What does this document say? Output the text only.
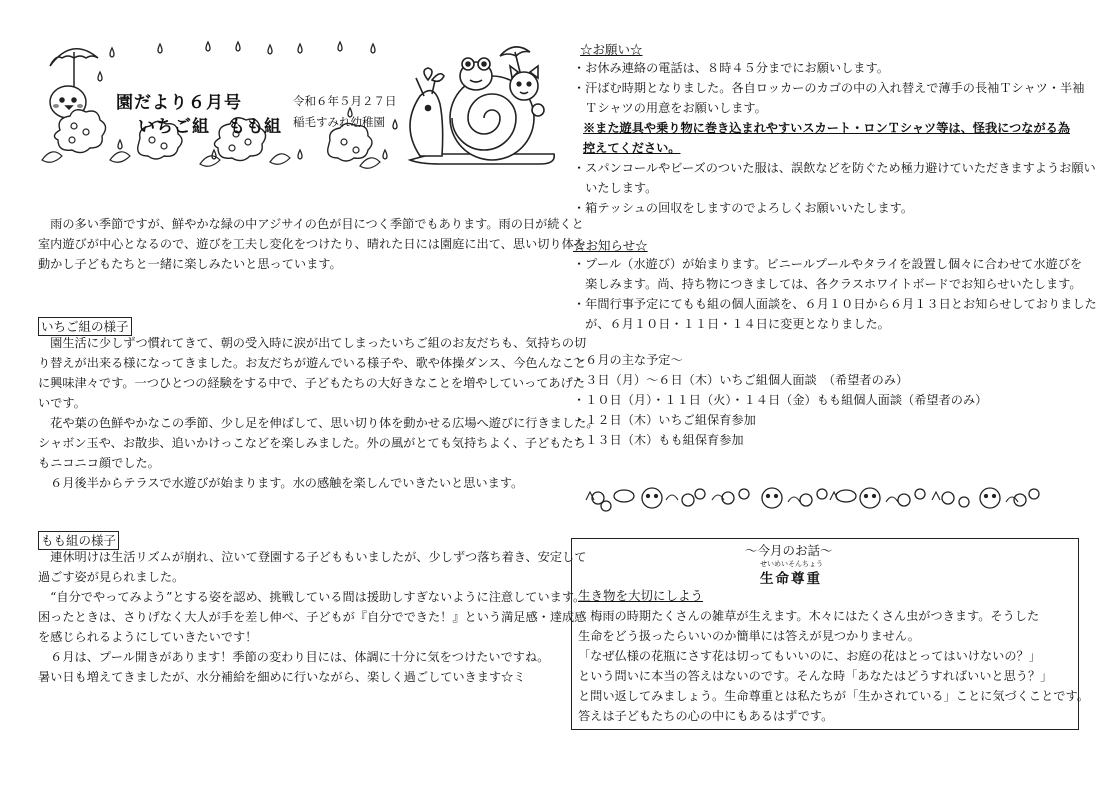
園だより６月号
いちご組　もも組
令和６年５月２７日
稲毛すみれ幼稚園
　雨の多い季節ですが、鮮やかな緑の中アジサイの色が目につく季節でもあります。雨の日が続くと
室内遊びが中心となるので、遊びを工夫し変化をつけたり、晴れた日には園庭に出て、思い切り体を
動かし子どもたちと一緒に楽しみたいと思っています。
いちご組の様子
　園生活に少しずつ慣れてきて、朝の受入時に涙が出てしまったいちご組のお友だちも、気持ちの切
り替えが出来る様になってきました。お友だちが遊んでいる様子や、歌や体操ダンス、今色んなこと
に興味津々です。一つひとつの経験をする中で、子どもたちの大好きなことを増やしていってあげた
いです。
　花や葉の色鮮やかなこの季節、少し足を伸ばして、思い切り体を動かせる広場へ遊びに行きました。
シャボン玉や、お散歩、追いかけっこなどを楽しみました。外の風がとても気持ちよく、子どもたち
もニコニコ顔でした。
　６月後半からテラスで水遊びが始まります。水の感触を楽しんでいきたいと思います。
もも組の様子
　連休明けは生活リズムが崩れ、泣いて登園する子どももいましたが、少しずつ落ち着き、安定して
過ごす姿が見られました。
　“自分でやってみよう”とする姿を認め、挑戦している間は援助しすぎないように注意しています。
困ったときは、さりげなく大人が手を差し伸べ、子どもが『自分でできた！』という満足感・達成感
を感じられるようにしていきたいです！
　６月は、プール開きがあります！季節の変わり目には、体調に十分に気をつけたいですね。
暑い日も増えてきましたが、水分補給を細めに行いながら、楽しく過ごしていきます☆ミ
☆お願い☆
・お休み連絡の電話は、８時４５分までにお願いします。
・汗ばむ時期となりました。各自ロッカーのカゴの中の入れ替えで薄手の長袖Ｔシャツ・半袖
　Ｔシャツの用意をお願いします。
※また遊具や乗り物に巻き込まれやすいスカート・ロンＴシャツ等は、怪我につながる為
控えてください。
・スパンコールやビーズのついた服は、誤飲などを防ぐため極力避けていただきますようお願い
　いたします。
・箱テッシュの回収をしますのでよろしくお願いいたします。
☆お知らせ☆
・プール（水遊び）が始まります。ビニールプールやタライを設置し個々に合わせて水遊びを
　楽しみます。尚、持ち物につきましては、各クラスホワイトボードでお知らせいたします。
・年間行事予定にてもも組の個人面談を、６月１０日から６月１３日とお知らせしておりました
　が、６月１０日・１１日・１４日に変更となりました。
～６月の主な予定～
・３日（月）～６日（木）いちご組個人面談　（希望者のみ）
・１０日（月）・１１日（火）・１４日（金）もも組個人面談（希望者のみ）
・１２日（木）いちご組保育参加
・１３日（木）もも組保育参加
～今月のお話～
せいめいそんちょう
生命尊重
生き物を大切にしよう
　梅雨の時期たくさんの雑草が生えます。木々にはたくさん虫がつきます。そうした
生命をどう扱ったらいいのか簡単には答えが見つかりません。
「なぜ仏様の花瓶にさす花は切ってもいいのに、お庭の花はとってはいけないの？」
という問いに本当の答えはないのです。そんな時「あなたはどうすればいいと思う？」
と問い返してみましょう。生命尊重とは私たちが「生かされている」ことに気づくことです。
答えは子どもたちの心の中にもあるはずです。
